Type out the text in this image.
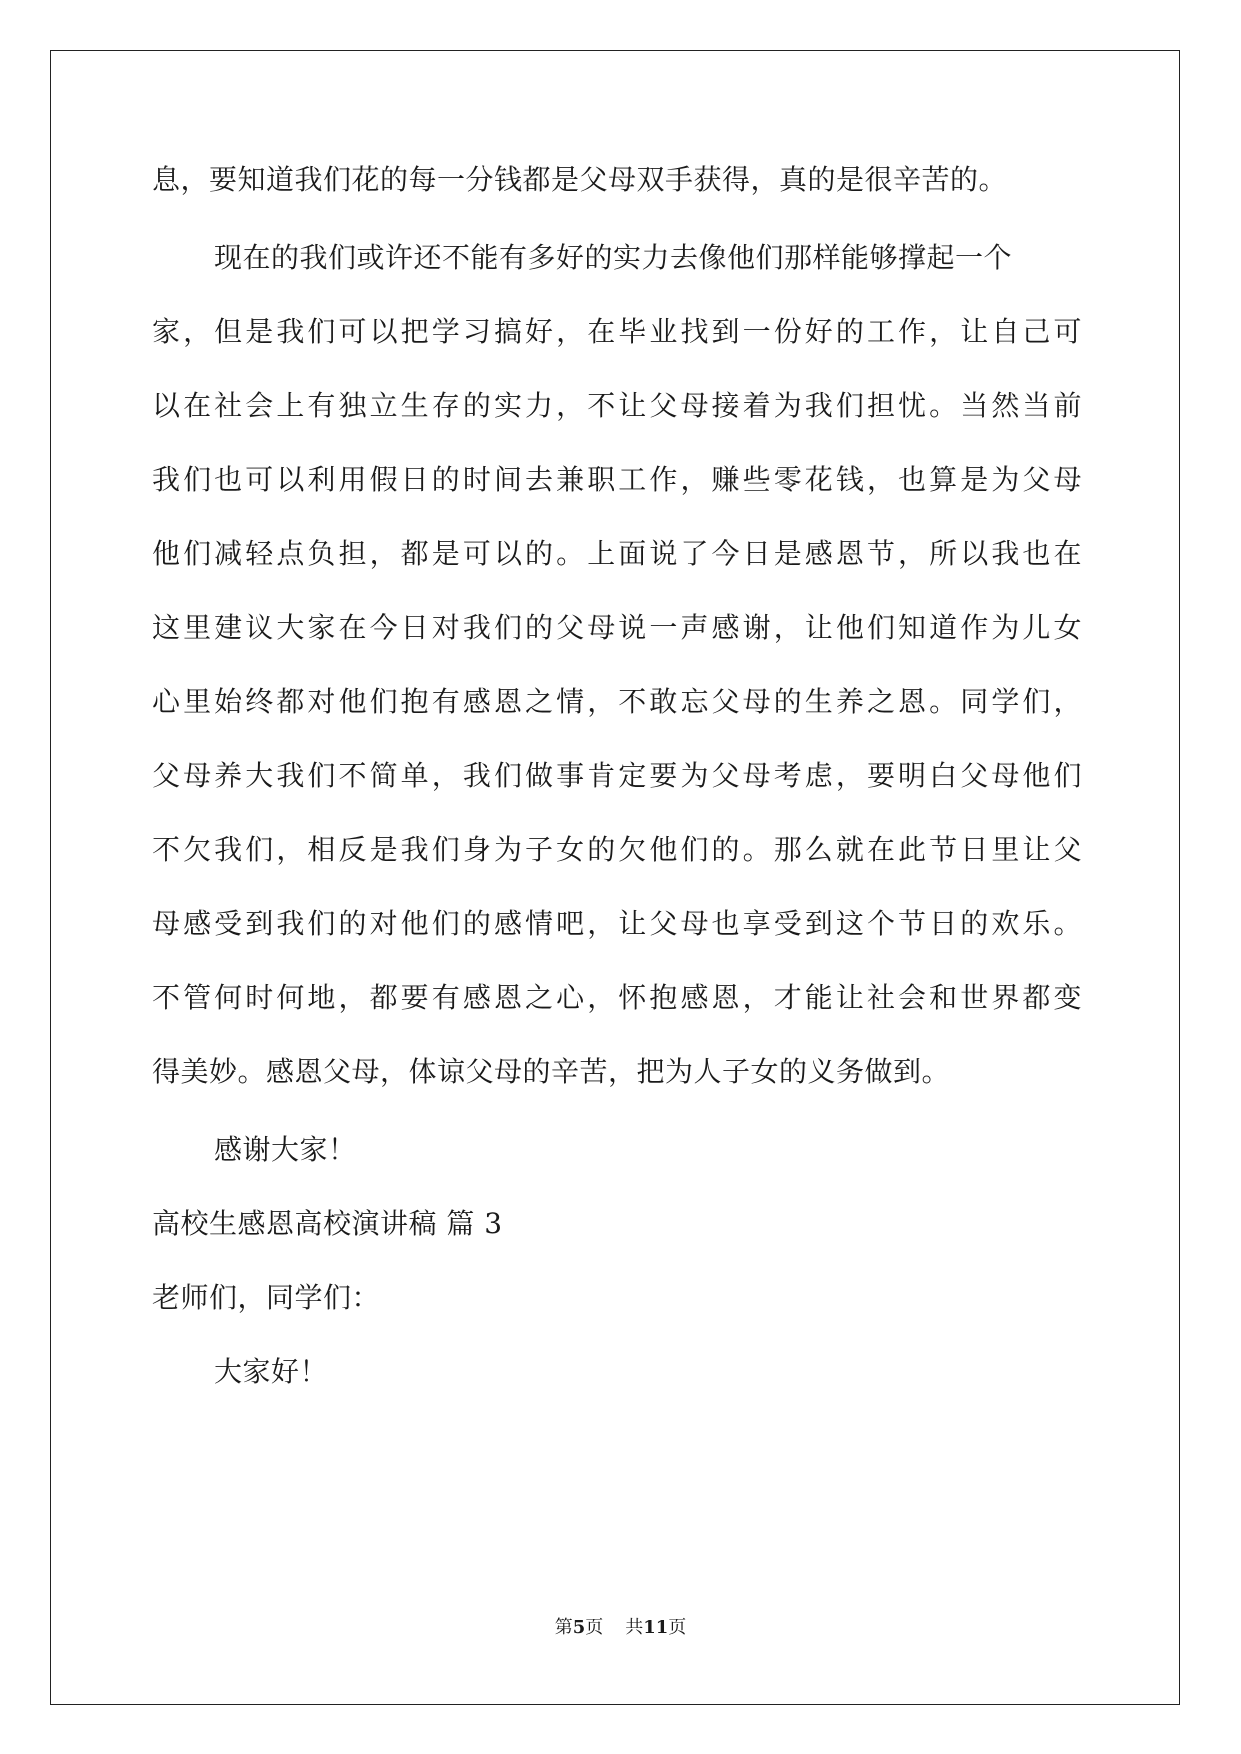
息，要知道我们花的每一分钱都是父母双手获得，真的是很辛苦的。
现在的我们或许还不能有多好的实力去像他们那样能够撑起一个
家，但是我们可以把学习搞好，在毕业找到一份好的工作，让自己可
以在社会上有独立生存的实力，不让父母接着为我们担忧。当然当前
我们也可以利用假日的时间去兼职工作，赚些零花钱，也算是为父母
他们减轻点负担，都是可以的。上面说了今日是感恩节，所以我也在
这里建议大家在今日对我们的父母说一声感谢，让他们知道作为儿女
心里始终都对他们抱有感恩之情，不敢忘父母的生养之恩。同学们，
父母养大我们不简单，我们做事肯定要为父母考虑，要明白父母他们
不欠我们，相反是我们身为子女的欠他们的。那么就在此节日里让父
母感受到我们的对他们的感情吧，让父母也享受到这个节日的欢乐。
不管何时何地，都要有感恩之心，怀抱感恩，才能让社会和世界都变
得美妙。感恩父母，体谅父母的辛苦，把为人子女的义务做到。
感谢大家！
高校生感恩高校演讲稿 篇 3
老师们，同学们：
大家好！
第5页 共11页
